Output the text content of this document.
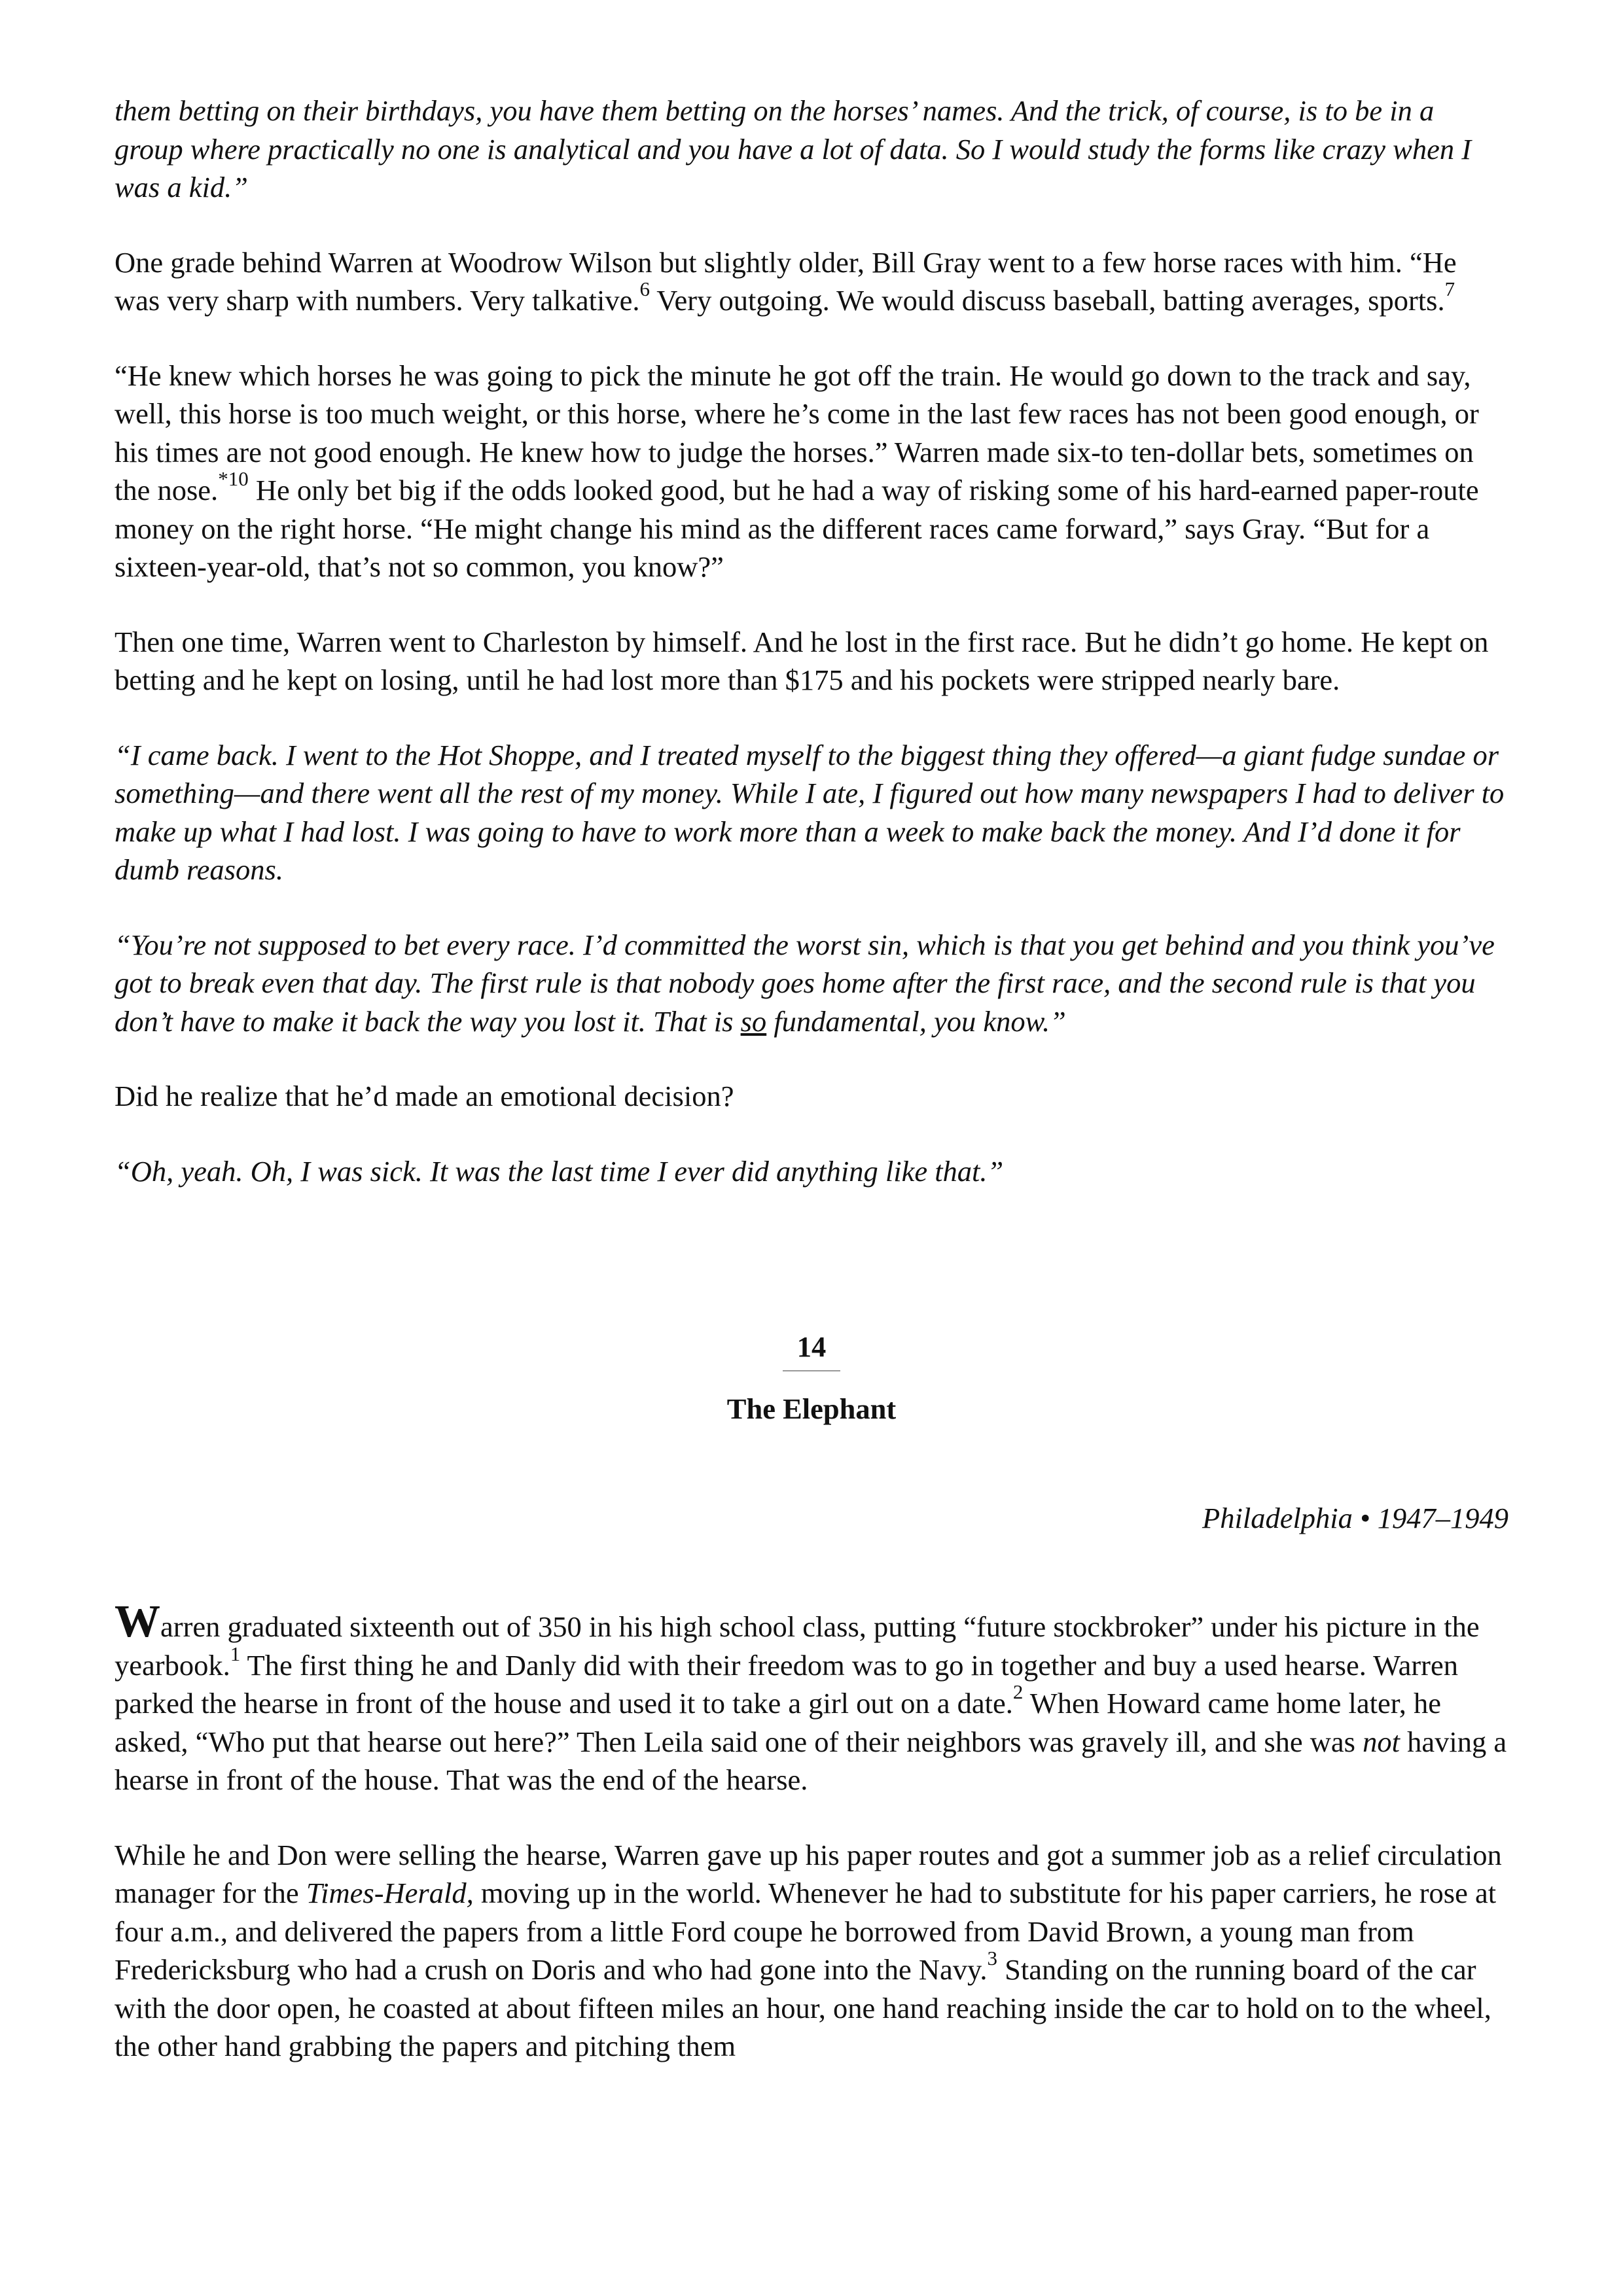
them betting on their birthdays, you have them betting on the horses’ names. And the trick, of course, is to be in a group where practically no one is analytical and you have a lot of data. So I would study the forms like crazy when I was a kid.”

One grade behind Warren at Woodrow Wilson but slightly older, Bill Gray went to a few horse races with him. “He was very sharp with numbers. Very talkative.$^6$ Very outgoing. We would discuss baseball, batting averages, sports.$^7$

“He knew which horses he was going to pick the minute he got off the train. He would go down to the track and say, well, this horse is too much weight, or this horse, where he’s come in the last few races has not been good enough, or his times are not good enough. He knew how to judge the horses.” Warren made six-to ten-dollar bets, sometimes on the nose.$^{*10}$ He only bet big if the odds looked good, but he had a way of risking some of his hard-earned paper-route money on the right horse. “He might change his mind as the different races came forward,” says Gray. “But for a sixteen-year-old, that’s not so common, you know?”

Then one time, Warren went to Charleston by himself. And he lost in the first race. But he didn’t go home. He kept on betting and he kept on losing, until he had lost more than $175 and his pockets were stripped nearly bare.

“I came back. I went to the Hot Shoppe, and I treated myself to the biggest thing they offered—a giant fudge sundae or something—and there went all the rest of my money. While I ate, I figured out how many newspapers I had to deliver to make up what I had lost. I was going to have to work more than a week to make back the money. And I’d done it for dumb reasons.

“You’re not supposed to bet every race. I’d committed the worst sin, which is that you get behind and you think you’ve got to break even that day. The first rule is that nobody goes home after the first race, and the second rule is that you don’t have to make it back the way you lost it. That is so fundamental, you know.”

Did he realize that he’d made an emotional decision?

“Oh, yeah. Oh, I was sick. It was the last time I ever did anything like that.”

14
The Elephant
Philadelphia • 1947–1949

Warren graduated sixteenth out of 350 in his high school class, putting “future stockbroker” under his picture in the yearbook.$^1$ The first thing he and Danly did with their freedom was to go in together and buy a used hearse. Warren parked the hearse in front of the house and used it to take a girl out on a date.$^2$ When Howard came home later, he asked, “Who put that hearse out here?” Then Leila said one of their neighbors was gravely ill, and she was not having a hearse in front of the house. That was the end of the hearse.

While he and Don were selling the hearse, Warren gave up his paper routes and got a summer job as a relief circulation manager for the Times-Herald, moving up in the world. Whenever he had to substitute for his paper carriers, he rose at four a.m., and delivered the papers from a little Ford coupe he borrowed from David Brown, a young man from Fredericksburg who had a crush on Doris and who had gone into the Navy.$^3$ Standing on the running board of the car with the door open, he coasted at about fifteen miles an hour, one hand reaching inside the car to hold on to the wheel, the other hand grabbing the papers and pitching them
